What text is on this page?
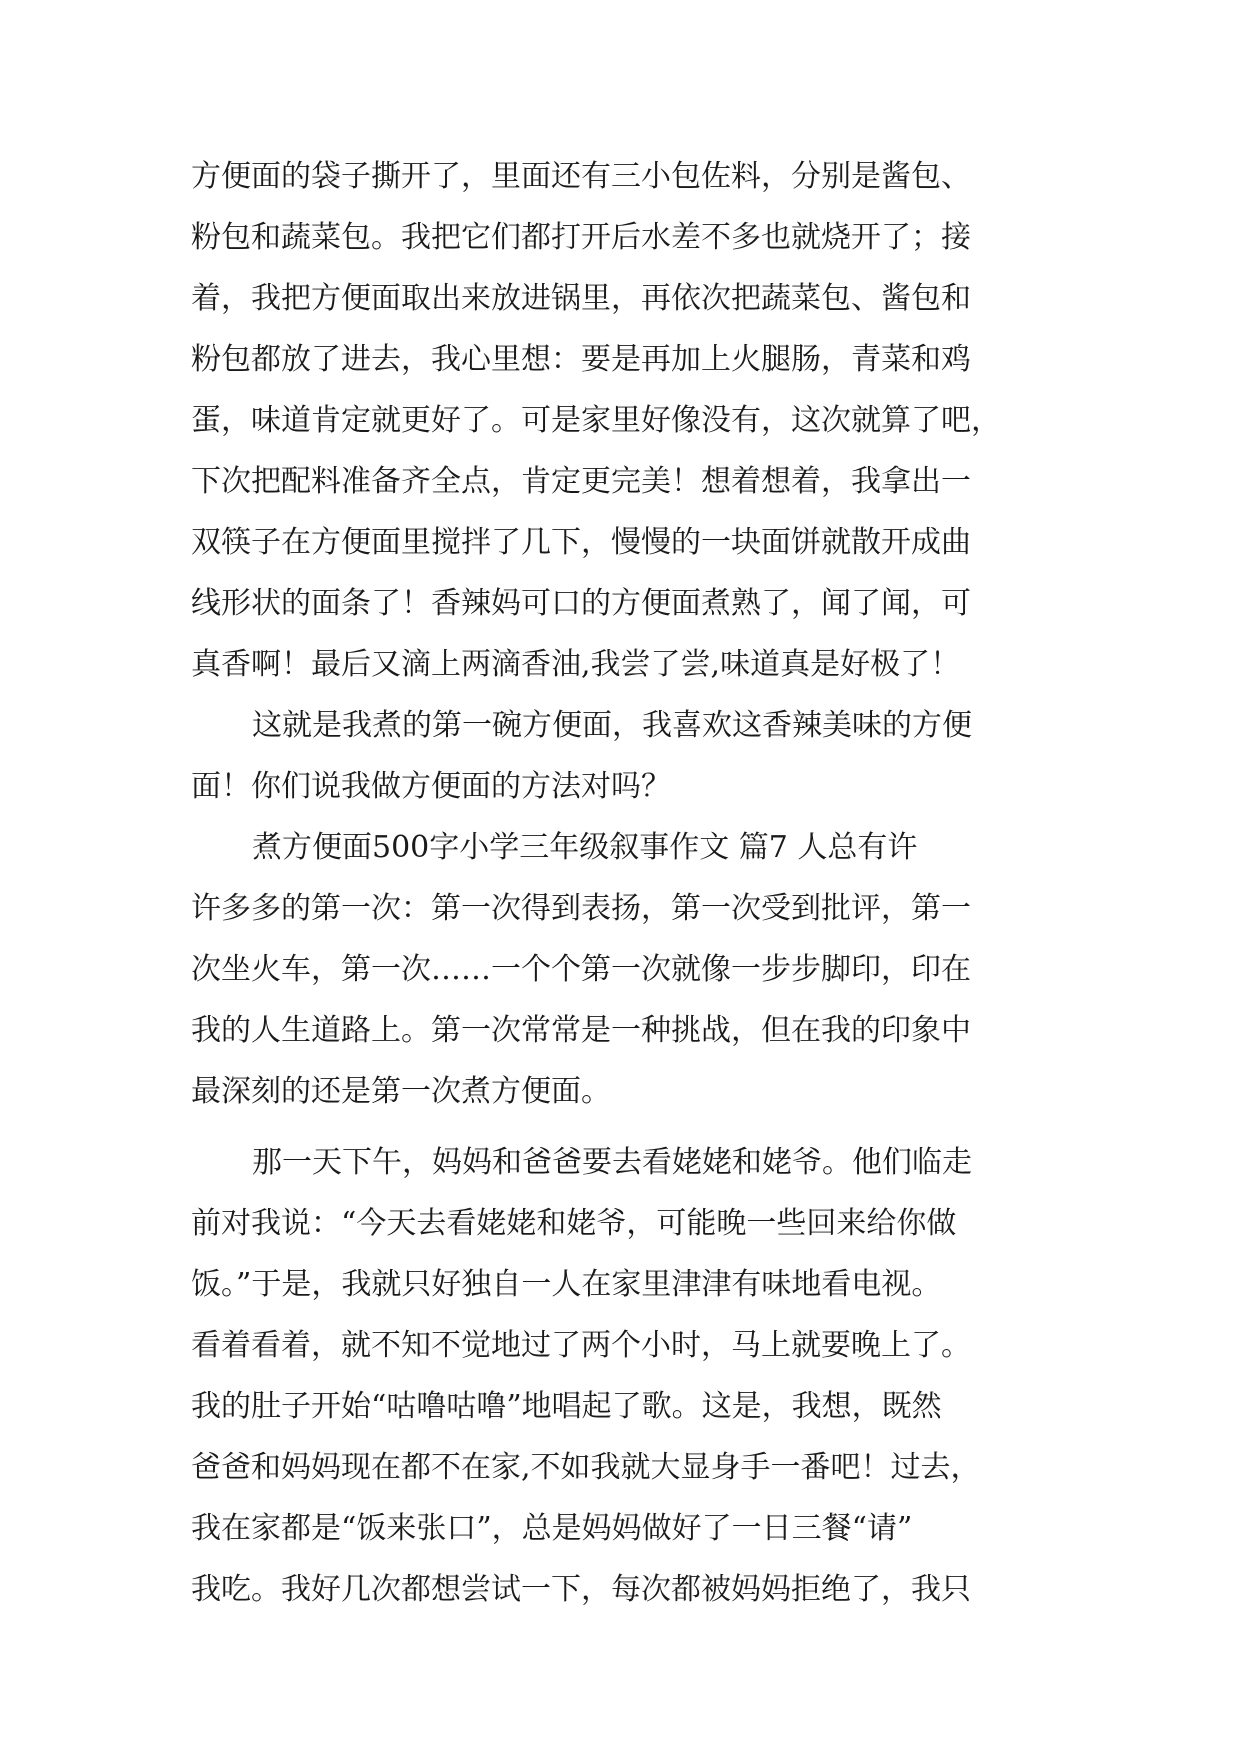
方便面的袋子撕开了，里面还有三小包佐料，分别是酱包、
粉包和蔬菜包。我把它们都打开后水差不多也就烧开了；接
着，我把方便面取出来放进锅里，再依次把蔬菜包、酱包和
粉包都放了进去，我心里想：要是再加上火腿肠，青菜和鸡
蛋，味道肯定就更好了。可是家里好像没有，这次就算了吧，
下次把配料准备齐全点，肯定更完美！想着想着，我拿出一
双筷子在方便面里搅拌了几下，慢慢的一块面饼就散开成曲
线形状的面条了！香辣妈可口的方便面煮熟了，闻了闻，可
真香啊！最后又滴上两滴香油,我尝了尝,味道真是好极了！
这就是我煮的第一碗方便面，我喜欢这香辣美味的方便
面！你们说我做方便面的方法对吗？
煮方便面500字小学三年级叙事作文 篇7 人总有许
许多多的第一次：第一次得到表扬，第一次受到批评，第一
次坐火车，第一次……一个个第一次就像一步步脚印，印在
我的人生道路上。第一次常常是一种挑战，但在我的印象中
最深刻的还是第一次煮方便面。
那一天下午，妈妈和爸爸要去看姥姥和姥爷。他们临走
前对我说：“今天去看姥姥和姥爷，可能晚一些回来给你做
饭。”于是，我就只好独自一人在家里津津有味地看电视。
看着看着，就不知不觉地过了两个小时，马上就要晚上了。
我的肚子开始“咕噜咕噜”地唱起了歌。这是，我想，既然
爸爸和妈妈现在都不在家,不如我就大显身手一番吧！过去，
我在家都是“饭来张口”，总是妈妈做好了一日三餐“请”
我吃。我好几次都想尝试一下，每次都被妈妈拒绝了，我只
